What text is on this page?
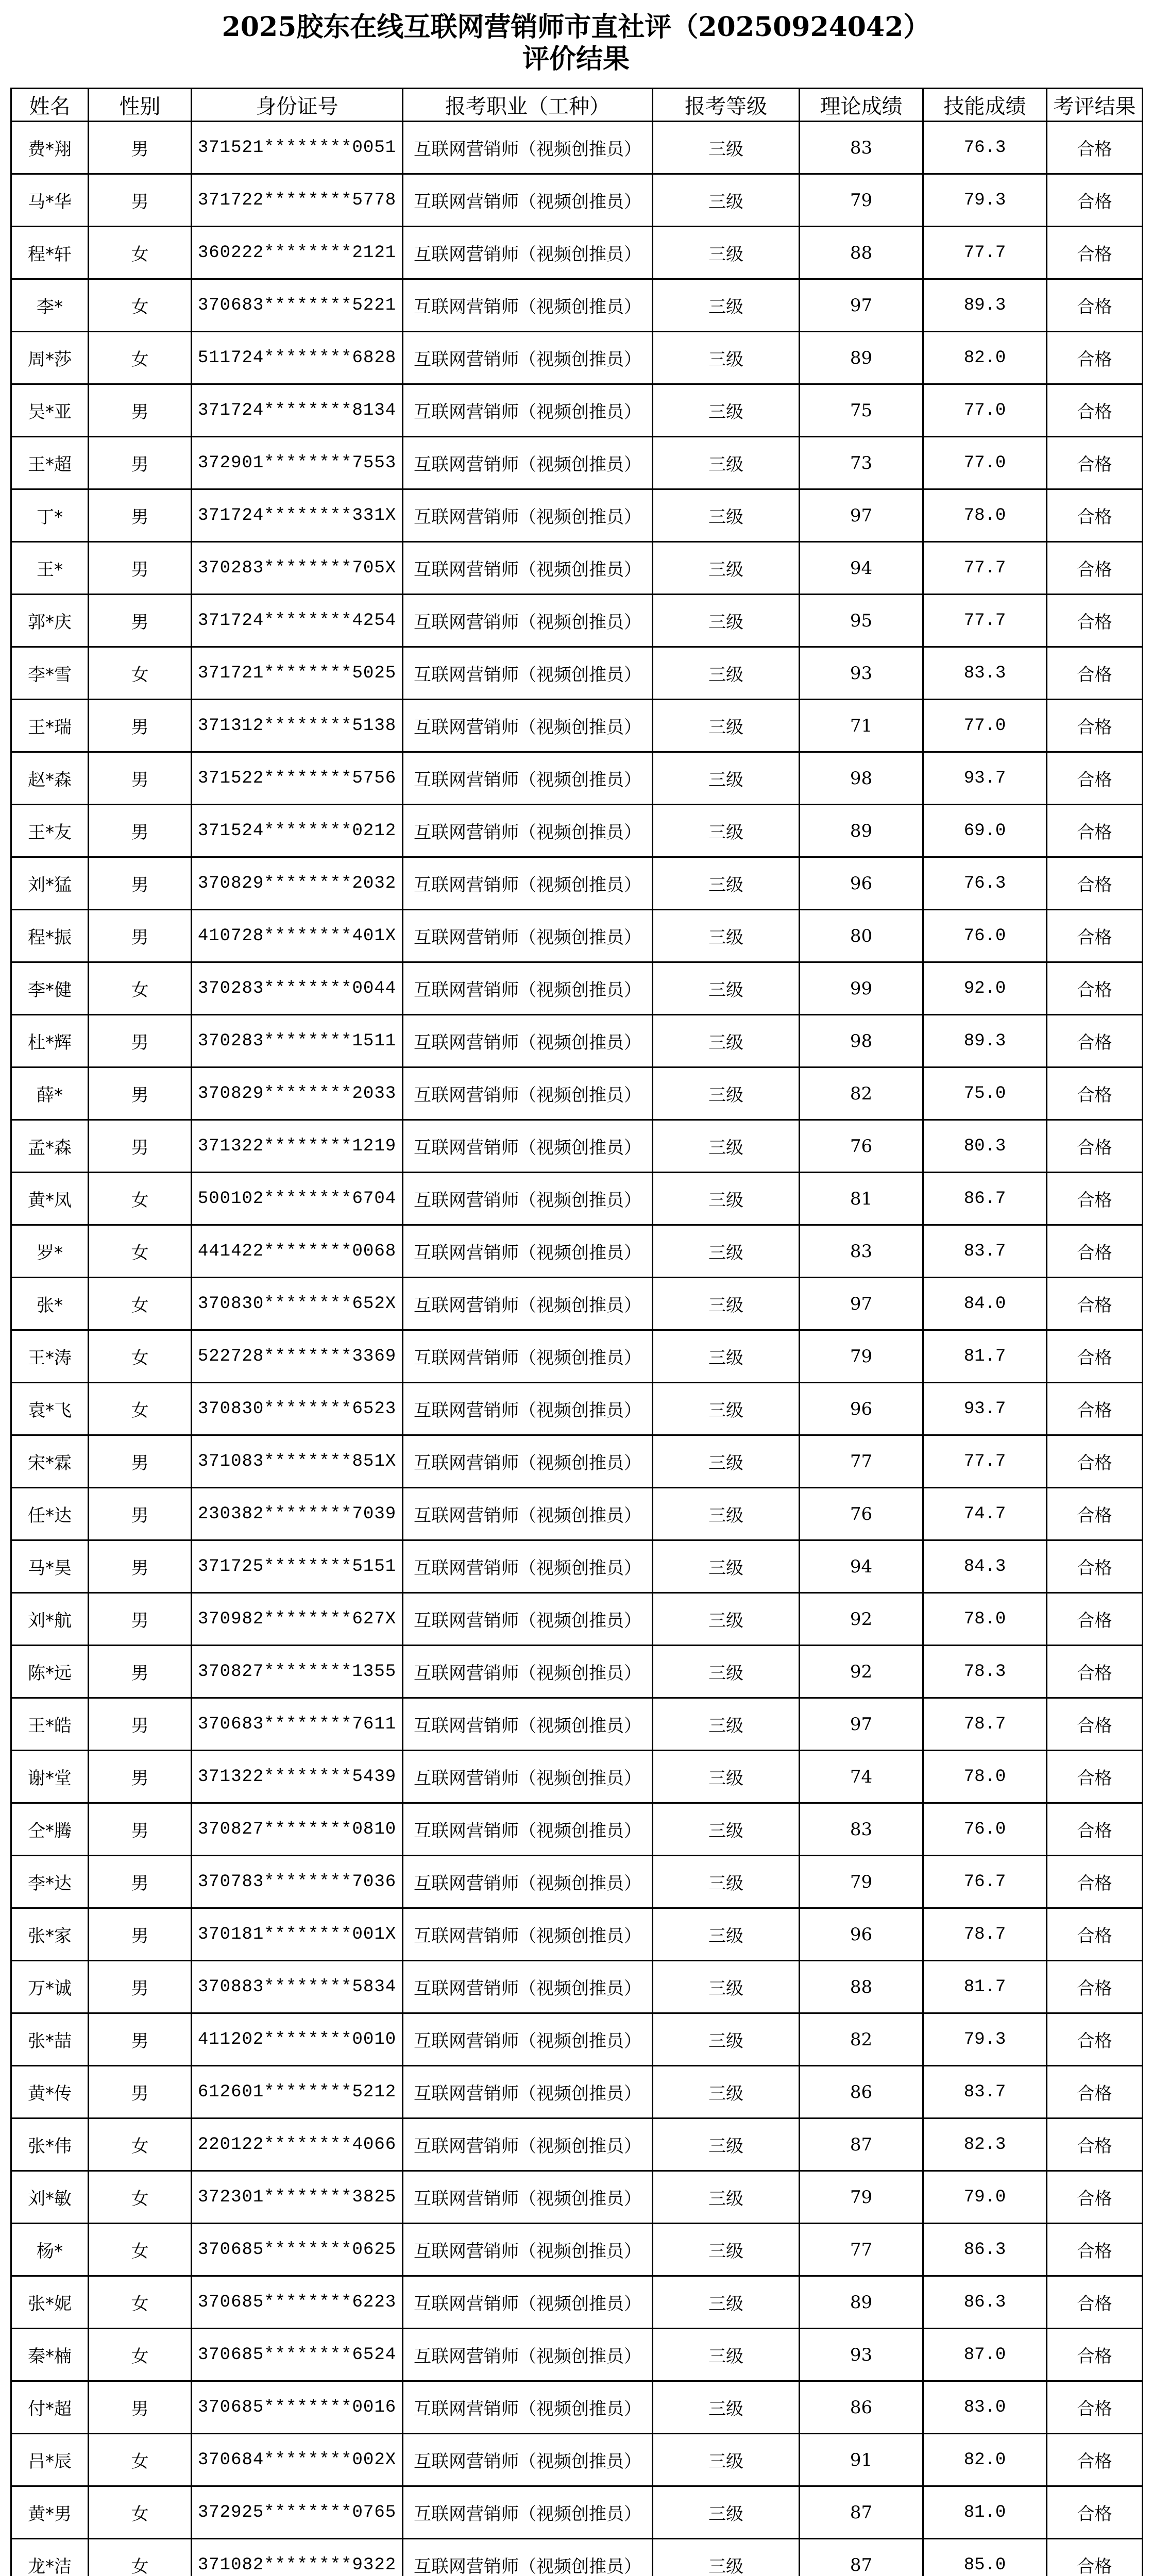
2025胶东在线互联网营销师市直社评（20250924042）
评价结果
姓名	性别	身份证号	报考职业（工种）	报考等级	理论成绩	技能成绩	考评结果
费*翔	男	371521********0051	互联网营销师（视频创推员）	三级	83	76.3	合格
马*华	男	371722********5778	互联网营销师（视频创推员）	三级	79	79.3	合格
程*轩	女	360222********2121	互联网营销师（视频创推员）	三级	88	77.7	合格
李*	女	370683********5221	互联网营销师（视频创推员）	三级	97	89.3	合格
周*莎	女	511724********6828	互联网营销师（视频创推员）	三级	89	82.0	合格
吴*亚	男	371724********8134	互联网营销师（视频创推员）	三级	75	77.0	合格
王*超	男	372901********7553	互联网营销师（视频创推员）	三级	73	77.0	合格
丁*	男	371724********331X	互联网营销师（视频创推员）	三级	97	78.0	合格
王*	男	370283********705X	互联网营销师（视频创推员）	三级	94	77.7	合格
郭*庆	男	371724********4254	互联网营销师（视频创推员）	三级	95	77.7	合格
李*雪	女	371721********5025	互联网营销师（视频创推员）	三级	93	83.3	合格
王*瑞	男	371312********5138	互联网营销师（视频创推员）	三级	71	77.0	合格
赵*森	男	371522********5756	互联网营销师（视频创推员）	三级	98	93.7	合格
王*友	男	371524********0212	互联网营销师（视频创推员）	三级	89	69.0	合格
刘*猛	男	370829********2032	互联网营销师（视频创推员）	三级	96	76.3	合格
程*振	男	410728********401X	互联网营销师（视频创推员）	三级	80	76.0	合格
李*健	女	370283********0044	互联网营销师（视频创推员）	三级	99	92.0	合格
杜*辉	男	370283********1511	互联网营销师（视频创推员）	三级	98	89.3	合格
薛*	男	370829********2033	互联网营销师（视频创推员）	三级	82	75.0	合格
孟*森	男	371322********1219	互联网营销师（视频创推员）	三级	76	80.3	合格
黄*凤	女	500102********6704	互联网营销师（视频创推员）	三级	81	86.7	合格
罗*	女	441422********0068	互联网营销师（视频创推员）	三级	83	83.7	合格
张*	女	370830********652X	互联网营销师（视频创推员）	三级	97	84.0	合格
王*涛	女	522728********3369	互联网营销师（视频创推员）	三级	79	81.7	合格
袁*飞	女	370830********6523	互联网营销师（视频创推员）	三级	96	93.7	合格
宋*霖	男	371083********851X	互联网营销师（视频创推员）	三级	77	77.7	合格
任*达	男	230382********7039	互联网营销师（视频创推员）	三级	76	74.7	合格
马*昊	男	371725********5151	互联网营销师（视频创推员）	三级	94	84.3	合格
刘*航	男	370982********627X	互联网营销师（视频创推员）	三级	92	78.0	合格
陈*远	男	370827********1355	互联网营销师（视频创推员）	三级	92	78.3	合格
王*皓	男	370683********7611	互联网营销师（视频创推员）	三级	97	78.7	合格
谢*堂	男	371322********5439	互联网营销师（视频创推员）	三级	74	78.0	合格
仝*腾	男	370827********0810	互联网营销师（视频创推员）	三级	83	76.0	合格
李*达	男	370783********7036	互联网营销师（视频创推员）	三级	79	76.7	合格
张*家	男	370181********001X	互联网营销师（视频创推员）	三级	96	78.7	合格
万*诚	男	370883********5834	互联网营销师（视频创推员）	三级	88	81.7	合格
张*喆	男	411202********0010	互联网营销师（视频创推员）	三级	82	79.3	合格
黄*传	男	612601********5212	互联网营销师（视频创推员）	三级	86	83.7	合格
张*伟	女	220122********4066	互联网营销师（视频创推员）	三级	87	82.3	合格
刘*敏	女	372301********3825	互联网营销师（视频创推员）	三级	79	79.0	合格
杨*	女	370685********0625	互联网营销师（视频创推员）	三级	77	86.3	合格
张*妮	女	370685********6223	互联网营销师（视频创推员）	三级	89	86.3	合格
秦*楠	女	370685********6524	互联网营销师（视频创推员）	三级	93	87.0	合格
付*超	男	370685********0016	互联网营销师（视频创推员）	三级	86	83.0	合格
吕*辰	女	370684********002X	互联网营销师（视频创推员）	三级	91	82.0	合格
黄*男	女	372925********0765	互联网营销师（视频创推员）	三级	87	81.0	合格
龙*洁	女	371082********9322	互联网营销师（视频创推员）	三级	87	85.0	合格
